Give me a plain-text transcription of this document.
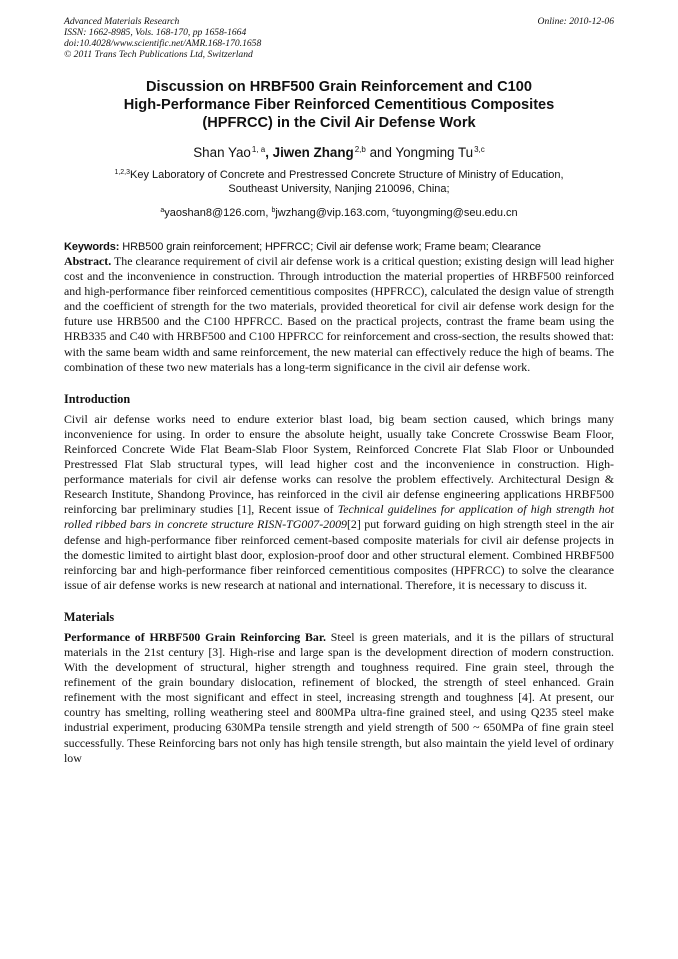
Advanced Materials Research
ISSN: 1662-8985, Vols. 168-170, pp 1658-1664
doi:10.4028/www.scientific.net/AMR.168-170.1658
© 2011 Trans Tech Publications Ltd, Switzerland
Online: 2010-12-06
Discussion on HRBF500 Grain Reinforcement and C100
High-Performance Fiber Reinforced Cementitious Composites
(HPFRCC) in the Civil Air Defense Work
Shan Yao$^{1, a}$, Jiwen Zhang$^{2,b}$ and Yongming Tu$^{3,c}$
$^{1,2,3}$Key Laboratory of Concrete and Prestressed Concrete Structure of Ministry of Education,
Southeast University, Nanjing 210096, China;
$^a$yaoshan8@126.com, $^b$jwzhang@vip.163.com, $^c$tuyongming@seu.edu.cn
Keywords: HRB500 grain reinforcement; HPFRCC; Civil air defense work; Frame beam; Clearance

Abstract. The clearance requirement of civil air defense work is a critical question; existing design will lead higher cost and the inconvenience in construction. Through introduction the material properties of HRBF500 reinforced and high-performance fiber reinforced cementitious composites (HPFRCC), calculated the design value of strength and the coefficient of strength for the two materials, provided theoretical for civil air defense work design for the future use HRB500 and the C100 HPFRCC. Based on the practical projects, contrast the frame beam using the HRB335 and C40 with HRBF500 and C100 HPFRCC for reinforcement and cross-section, the results showed that: with the same beam width and same reinforcement, the new material can effectively reduce the high of beams. The combination of these two new materials has a long-term significance in the civil air defense work.

Introduction

Civil air defense works need to endure exterior blast load, big beam section caused, which brings many inconvenience for using. In order to ensure the absolute height, usually take Concrete Crosswise Beam Floor, Reinforced Concrete Wide Flat Beam-Slab Floor System, Reinforced Concrete Flat Slab Floor or Unbounded Prestressed Flat Slab structural types, will lead higher cost and the inconvenience in construction. High-performance materials for civil air defense works can resolve the problem effectively. Architectural Design & Research Institute, Shandong Province, has reinforced in the civil air defense engineering applications HRBF500 reinforcing bar preliminary studies [1], Recent issue of Technical guidelines for application of high strength hot rolled ribbed bars in concrete structure RISN-TG007-2009[2] put forward guiding on high strength steel in the air defense and high-performance fiber reinforced cement-based composite materials for civil air defense projects in the domestic limited to airtight blast door, explosion-proof door and other structural element. Combined HRBF500 reinforcing bar and high-performance fiber reinforced cementitious composites (HPFRCC) to solve the clearance issue of air defense works is new research at national and international. Therefore, it is necessary to discuss it.

Materials

Performance of HRBF500 Grain Reinforcing Bar. Steel is green materials, and it is the pillars of structural materials in the 21st century [3]. High-rise and large span is the development direction of modern construction. With the development of structural, higher strength and toughness required. Fine grain steel, through the refinement of the grain boundary dislocation, refinement of blocked, the strength of steel enhanced. Grain refinement with the most significant and effect in steel, increasing strength and toughness [4]. At present, our country has smelting, rolling weathering steel and 800MPa ultra-fine grained steel, and using Q235 steel make industrial experiment, producing 630MPa tensile strength and yield strength of 500 ~ 650MPa of fine grain steel successfully. These Reinforcing bars not only has high tensile strength, but also maintain the yield level of ordinary low
